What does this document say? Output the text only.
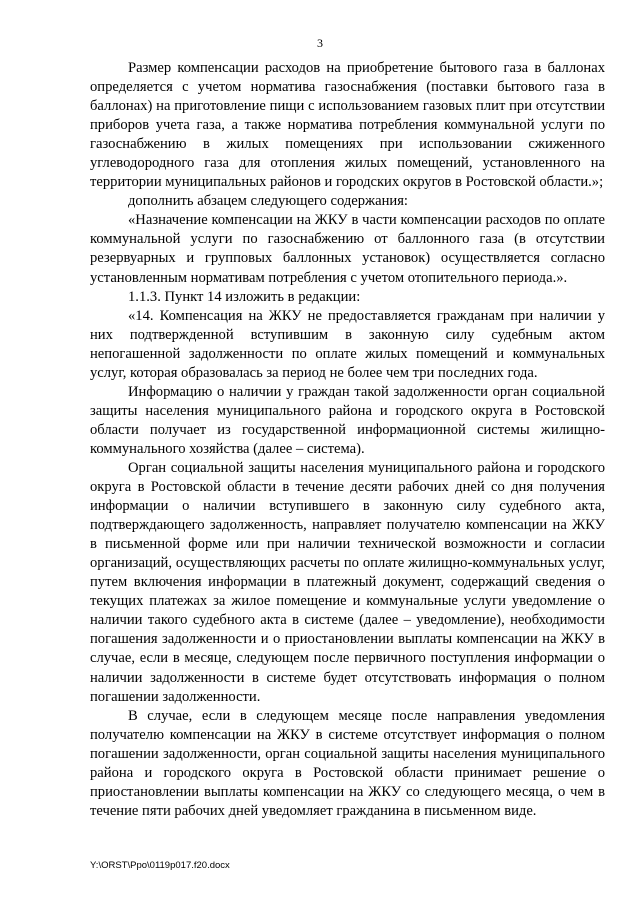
3

Размер компенсации расходов на приобретение бытового газа в баллонах определяется с учетом норматива газоснабжения (поставки бытового газа в баллонах) на приготовление пищи с использованием газовых плит при отсутствии приборов учета газа, а также норматива потребления коммунальной услуги по газоснабжению в жилых помещениях при использовании сжиженного углеводородного газа для отопления жилых помещений, установленного на территории муниципальных районов и городских округов в Ростовской области.»;

дополнить абзацем следующего содержания:

«Назначение компенсации на ЖКУ в части компенсации расходов по оплате коммунальной услуги по газоснабжению от баллонного газа (в отсутствии резервуарных и групповых баллонных установок) осуществляется согласно установленным нормативам потребления с учетом отопительного периода.».

1.1.3. Пункт 14 изложить в редакции:

«14. Компенсация на ЖКУ не предоставляется гражданам при наличии у них подтвержденной вступившим в законную силу судебным актом непогашенной задолженности по оплате жилых помещений и коммунальных услуг, которая образовалась за период не более чем три последних года.

Информацию о наличии у граждан такой задолженности орган социальной защиты населения муниципального района и городского округа в Ростовской области получает из государственной информационной системы жилищно-коммунального хозяйства (далее – система).

Орган социальной защиты населения муниципального района и городского округа в Ростовской области в течение десяти рабочих дней со дня получения информации о наличии вступившего в законную силу судебного акта, подтверждающего задолженность, направляет получателю компенсации на ЖКУ в письменной форме или при наличии технической возможности и согласии организаций, осуществляющих расчеты по оплате жилищно-коммунальных услуг, путем включения информации в платежный документ, содержащий сведения о текущих платежах за жилое помещение и коммунальные услуги уведомление о наличии такого судебного акта в системе (далее – уведомление), необходимости погашения задолженности и о приостановлении выплаты компенсации на ЖКУ в случае, если в месяце, следующем после первичного поступления информации о наличии задолженности в системе будет отсутствовать информация о полном погашении задолженности.

В случае, если в следующем месяце после направления уведомления получателю компенсации на ЖКУ в системе отсутствует информация о полном погашении задолженности, орган социальной защиты населения муниципального района и городского округа в Ростовской области принимает решение о приостановлении выплаты компенсации на ЖКУ со следующего месяца, о чем в течение пяти рабочих дней уведомляет гражданина в письменном виде.

Y:\ORST\Ppo\0119p017.f20.docx
